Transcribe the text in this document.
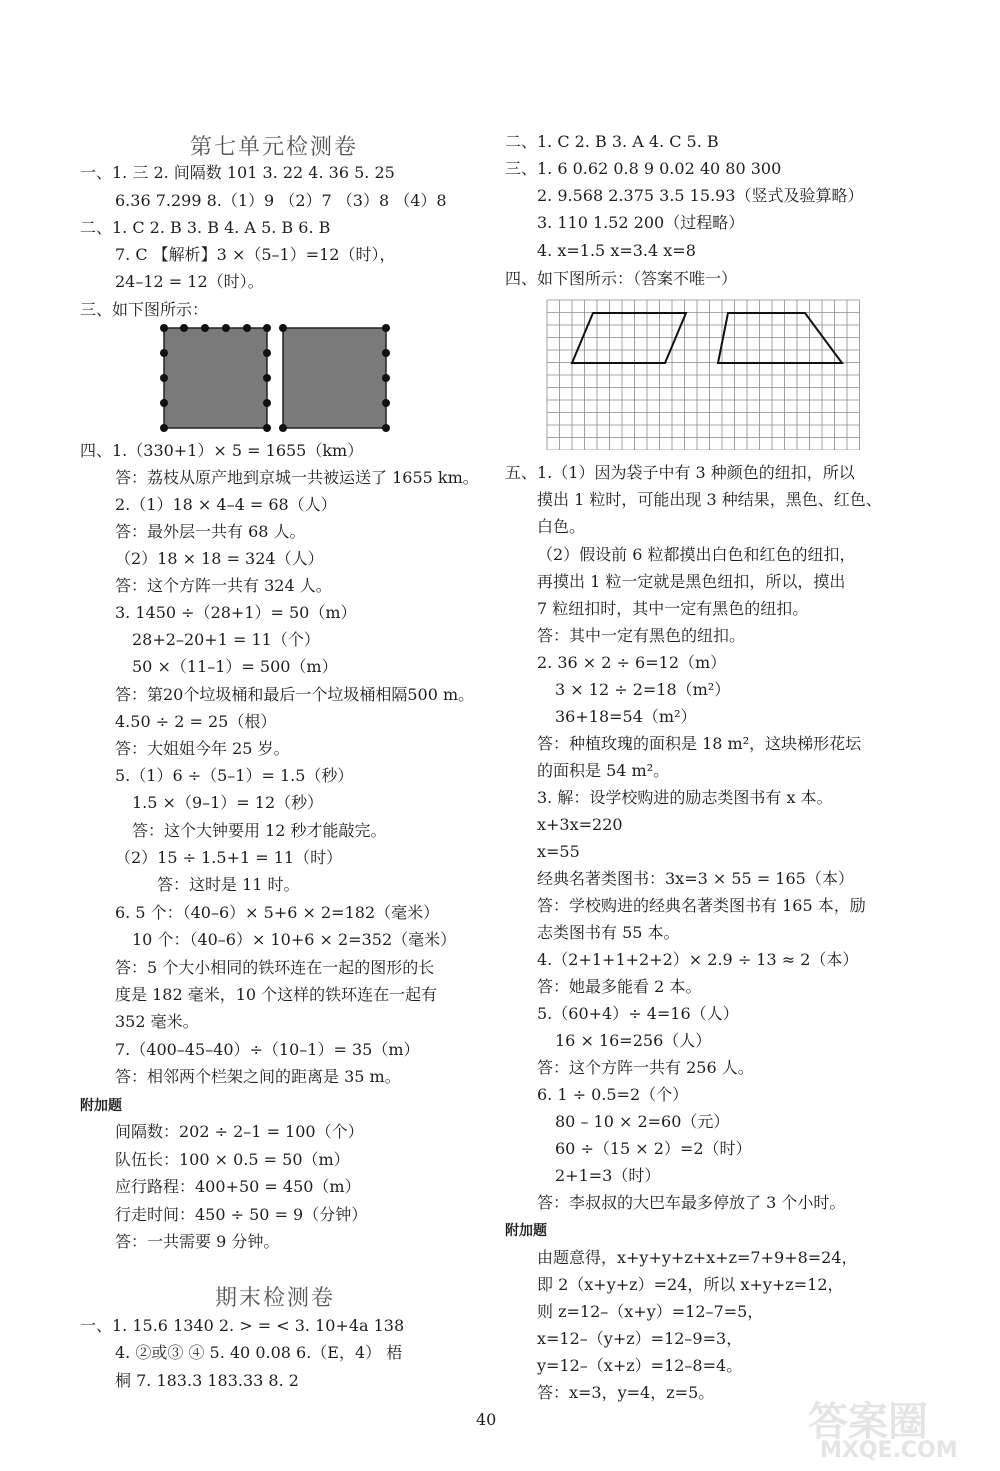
第七单元检测卷
一、1. 三 2. 间隔数 101 3. 22 4. 36 5. 25
6.36 7.299 8.（1）9 （2）7 （3）8 （4）8
二、1. C 2. B 3. B 4. A 5. B 6. B
7. C 【解析】3 ×（5–1）=12（时），
24–12 = 12（时）。
三、如下图所示：
四、1.（330+1）× 5 = 1655（km）
答：荔枝从原产地到京城一共被运送了 1655 km。
2.（1）18 × 4–4 = 68（人）
答：最外层一共有 68 人。
（2）18 × 18 = 324（人）
答：这个方阵一共有 324 人。
3. 1450 ÷（28+1）= 50（m）
28+2–20+1 = 11（个）
50 ×（11–1）= 500（m）
答：第20个垃圾桶和最后一个垃圾桶相隔500 m。
4.50 ÷ 2 = 25（根）
答：大姐姐今年 25 岁。
5.（1）6 ÷（5–1）= 1.5（秒）
1.5 ×（9–1）= 12（秒）
答：这个大钟要用 12 秒才能敲完。
（2）15 ÷ 1.5+1 = 11（时）
答：这时是 11 时。
6. 5 个：（40–6）× 5+6 × 2=182（毫米）
10 个：（40–6）× 10+6 × 2=352（毫米）
答：5 个大小相同的铁环连在一起的图形的长
度是 182 毫米，10 个这样的铁环连在一起有
352 毫米。
7.（400–45–40）÷（10–1）= 35（m）
答：相邻两个栏架之间的距离是 35 m。
附加题
间隔数：202 ÷ 2–1 = 100（个）
队伍长：100 × 0.5 = 50（m）
应行路程：400+50 = 450（m）
行走时间：450 ÷ 50 = 9（分钟）
答：一共需要 9 分钟。
期末检测卷
一、1. 15.6 1340 2. > = < 3. 10+4a 138
4. ②或③ ④ 5. 40 0.08 6.（E，4） 梧
桐 7. 183.3 183.33 8. 2
二、1. C 2. B 3. A 4. C 5. B
三、1. 6 0.62 0.8 9 0.02 40 80 300
2. 9.568 2.375 3.5 15.93（竖式及验算略）
3. 110 1.52 200（过程略）
4. x=1.5 x=3.4 x=8
四、如下图所示：（答案不唯一）
五、1.（1）因为袋子中有 3 种颜色的纽扣，所以
摸出 1 粒时，可能出现 3 种结果，黑色、红色、
白色。
（2）假设前 6 粒都摸出白色和红色的纽扣，
再摸出 1 粒一定就是黑色纽扣，所以，摸出
7 粒纽扣时，其中一定有黑色的纽扣。
答：其中一定有黑色的纽扣。
2. 36 × 2 ÷ 6=12（m）
3 × 12 ÷ 2=18（m²）
36+18=54（m²）
答：种植玫瑰的面积是 18 m²，这块梯形花坛
的面积是 54 m²。
3. 解：设学校购进的励志类图书有 x 本。
x+3x=220
x=55
经典名著类图书：3x=3 × 55 = 165（本）
答：学校购进的经典名著类图书有 165 本，励
志类图书有 55 本。
4.（2+1+1+2+2）× 2.9 ÷ 13 ≈ 2（本）
答：她最多能看 2 本。
5.（60+4）÷ 4=16（人）
16 × 16=256（人）
答：这个方阵一共有 256 人。
6. 1 ÷ 0.5=2（个）
80 – 10 × 2=60（元）
60 ÷（15 × 2）=2（时）
2+1=3（时）
答：李叔叔的大巴车最多停放了 3 个小时。
附加题
由题意得，x+y+y+z+x+z=7+9+8=24，
即 2（x+y+z）=24，所以 x+y+z=12，
则 z=12–（x+y）=12–7=5，
x=12–（y+z）=12–9=3，
y=12–（x+z）=12–8=4。
答：x=3，y=4，z=5。
40	答案圈
MXQE.COM
